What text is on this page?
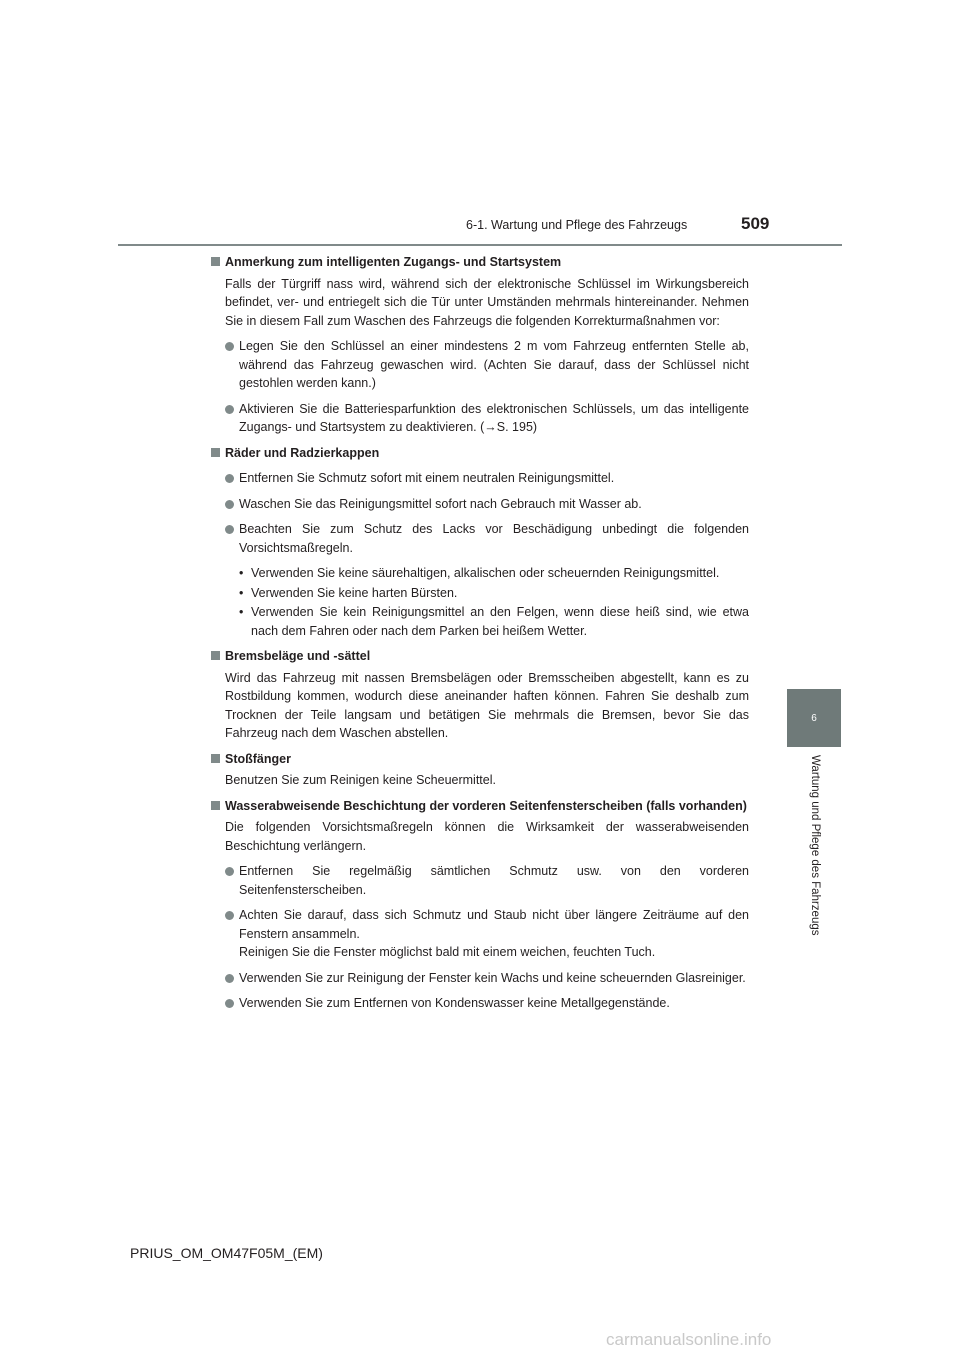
6-1. Wartung und Pflege des Fahrzeugs	509
6
Wartung und Pflege des Fahrzeugs
Anmerkung zum intelligenten Zugangs- und Startsystem

Falls der Türgriff nass wird, während sich der elektronische Schlüssel im Wirkungsbereich befindet, ver- und entriegelt sich die Tür unter Umständen mehrmals hintereinander. Nehmen Sie in diesem Fall zum Waschen des Fahrzeugs die folgenden Korrekturmaßnahmen vor:

Legen Sie den Schlüssel an einer mindestens 2 m vom Fahrzeug entfernten Stelle ab, während das Fahrzeug gewaschen wird. (Achten Sie darauf, dass der Schlüssel nicht gestohlen werden kann.)
Aktivieren Sie die Batteriesparfunktion des elektronischen Schlüssels, um das intelligente Zugangs- und Startsystem zu deaktivieren. (→S. 195)
Räder und Radzierkappen
Entfernen Sie Schmutz sofort mit einem neutralen Reinigungsmittel.
Waschen Sie das Reinigungsmittel sofort nach Gebrauch mit Wasser ab.
Beachten Sie zum Schutz des Lacks vor Beschädigung unbedingt die folgenden Vorsichtsmaßregeln.
• Verwenden Sie keine säurehaltigen, alkalischen oder scheuernden Reinigungsmittel.
• Verwenden Sie keine harten Bürsten.
• Verwenden Sie kein Reinigungsmittel an den Felgen, wenn diese heiß sind, wie etwa nach dem Fahren oder nach dem Parken bei heißem Wetter.
Bremsbeläge und -sättel

Wird das Fahrzeug mit nassen Bremsbelägen oder Bremsscheiben abgestellt, kann es zu Rostbildung kommen, wodurch diese aneinander haften können. Fahren Sie deshalb zum Trocknen der Teile langsam und betätigen Sie mehrmals die Bremsen, bevor Sie das Fahrzeug nach dem Waschen abstellen.

Stoßfänger

Benutzen Sie zum Reinigen keine Scheuermittel.

Wasserabweisende Beschichtung der vorderen Seitenfensterscheiben (falls vorhanden)

Die folgenden Vorsichtsmaßregeln können die Wirksamkeit der wasserabweisenden Beschichtung verlängern.

Entfernen Sie regelmäßig sämtlichen Schmutz usw. von den vorderen Seitenfensterscheiben.
Achten Sie darauf, dass sich Schmutz und Staub nicht über längere Zeiträume auf den Fenstern ansammeln.
Reinigen Sie die Fenster möglichst bald mit einem weichen, feuchten Tuch.
Verwenden Sie zur Reinigung der Fenster kein Wachs und keine scheuernden Glasreiniger.
Verwenden Sie zum Entfernen von Kondenswasser keine Metallgegenstände.
PRIUS_OM_OM47F05M_(EM)
carmanualsonline.info
